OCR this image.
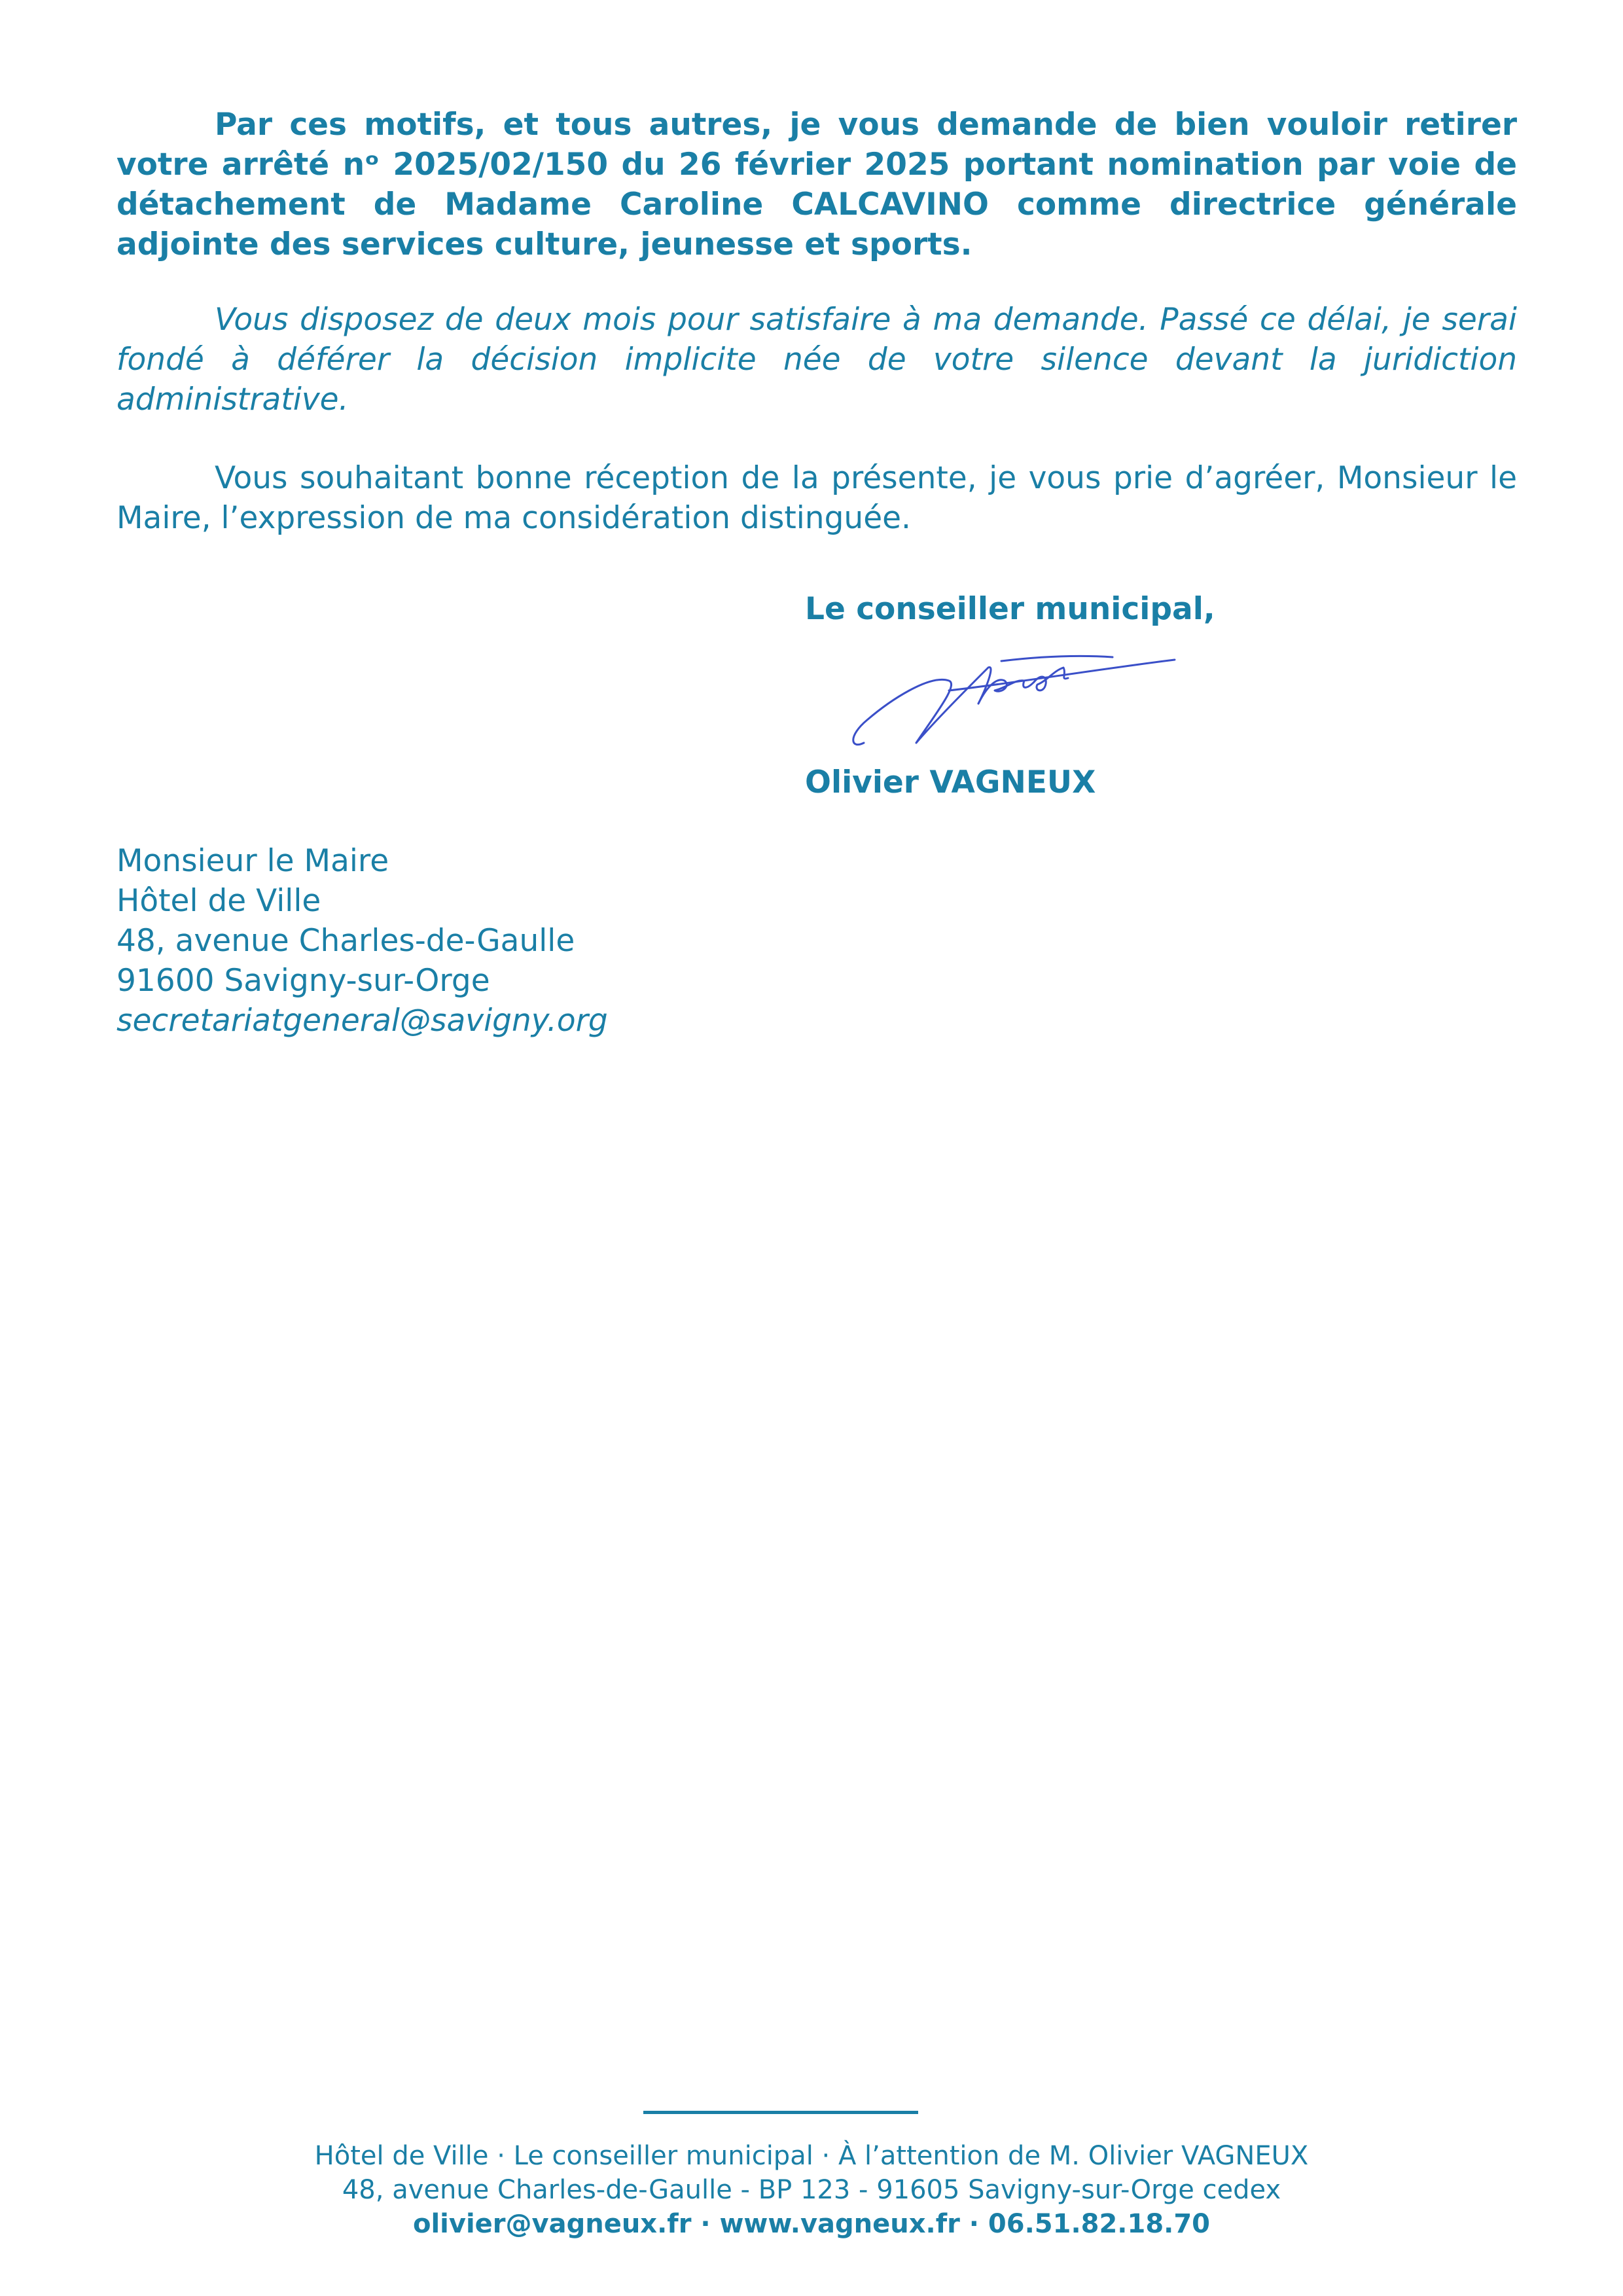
Par ces motifs, et tous autres, je vous demande de bien vouloir retirer votre arrêté nᵒ 2025/02/150 du 26 février 2025 portant nomination par voie de détachement de Madame Caroline CALCAVINO comme directrice générale adjointe des services culture, jeunesse et sports.

Vous disposez de deux mois pour satisfaire à ma demande. Passé ce délai, je serai fondé à déférer la décision implicite née de votre silence devant la juridiction administrative.

Vous souhaitant bonne réception de la présente, je vous prie d’agréer, Monsieur le Maire, l’expression de ma considération distinguée.

Le conseiller municipal,
Olivier VAGNEUX
Monsieur le Maire
Hôtel de Ville
48, avenue Charles-de-Gaulle
91600 Savigny-sur-Orge
secretariatgeneral@savigny.org
Hôtel de Ville · Le conseiller municipal · À l’attention de M. Olivier VAGNEUX
48, avenue Charles-de-Gaulle - BP 123 - 91605 Savigny-sur-Orge cedex
olivier@vagneux.fr · www.vagneux.fr · 06.51.82.18.70
